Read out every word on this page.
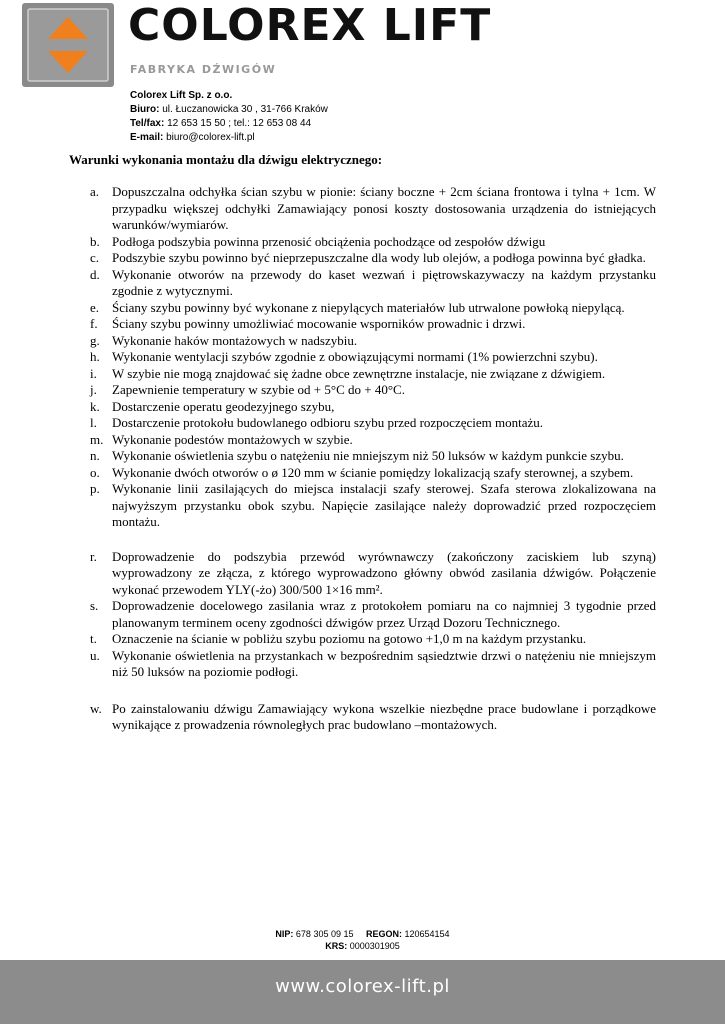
COLOREX LIFT
FABRYKA DŹWIGÓW
Colorex Lift Sp. z o.o.
Biuro: ul. Łuczanowicka 30 , 31-766 Kraków
Tel/fax: 12 653 15 50 ; tel.: 12 653 08 44
E-mail: biuro@colorex-lift.pl
Warunki wykonania montażu dla dźwigu elektrycznego:
a. Dopuszczalna odchyłka ścian szybu w pionie: ściany boczne + 2cm ściana frontowa i tylna + 1cm. W przypadku większej odchyłki Zamawiający ponosi koszty dostosowania urządzenia do istniejących warunków/wymiarów.
b. Podłoga podszybia powinna przenosić obciążenia pochodzące od zespołów dźwigu
c. Podszybie szybu powinno być nieprzepuszczalne dla wody lub olejów, a podłoga powinna być gładka.
d. Wykonanie otworów na przewody do kaset wezwań i piętrowskazywaczy na każdym przystanku zgodnie z wytycznymi.
e. Ściany szybu powinny być wykonane z niepylących materiałów lub utrwalone powłoką niepylącą.
f.	Ściany szybu powinny umożliwiać mocowanie wsporników prowadnic i drzwi.
g. Wykonanie haków montażowych w nadszybiu.
h. Wykonanie wentylacji szybów zgodnie z obowiązującymi normami (1% powierzchni szybu).
i.	W szybie nie mogą znajdować się żadne obce zewnętrzne instalacje, nie związane z dźwigiem.
j.	Zapewnienie temperatury w szybie od + 5°C do + 40°C.
k. Dostarczenie operatu geodezyjnego szybu,
l.	Dostarczenie protokołu budowlanego odbioru szybu przed rozpoczęciem montażu.
m. Wykonanie podestów montażowych w szybie.
n. Wykonanie oświetlenia szybu o natężeniu nie mniejszym niż 50 luksów w każdym punkcie szybu.
o. Wykonanie dwóch otworów o ø 120 mm w ścianie pomiędzy lokalizacją szafy sterownej, a szybem.
p. Wykonanie linii zasilających do miejsca instalacji szafy sterowej. Szafa sterowa zlokalizowana na najwyższym przystanku obok szybu. Napięcie zasilające należy doprowadzić przed rozpoczęciem montażu.
r.	Doprowadzenie do podszybia przewód wyrównawczy (zakończony zaciskiem lub szyną) wyprowadzony ze złącza, z którego wyprowadzono główny obwód zasilania dźwigów. Połączenie wykonać przewodem YLY(-żo) 300/500 1×16 mm².
s.	Doprowadzenie docelowego zasilania wraz z protokołem pomiaru na co najmniej 3 tygodnie przed planowanym terminem oceny zgodności dźwigów przez Urząd Dozoru Technicznego.
t.	Oznaczenie na ścianie w pobliżu szybu poziomu na gotowo +1,0 m na każdym przystanku.
u. Wykonanie oświetlenia na przystankach w bezpośrednim sąsiedztwie drzwi o natężeniu nie mniejszym niż 50 luksów na poziomie podłogi.
w. Po zainstalowaniu dźwigu Zamawiający wykona wszelkie niezbędne prace budowlane i porządkowe wynikające z prowadzenia równoległych prac budowlano –montażowych.
NIP: 678 305 09 15 REGON: 120654154
KRS: 0000301905
www.colorex-lift.pl
